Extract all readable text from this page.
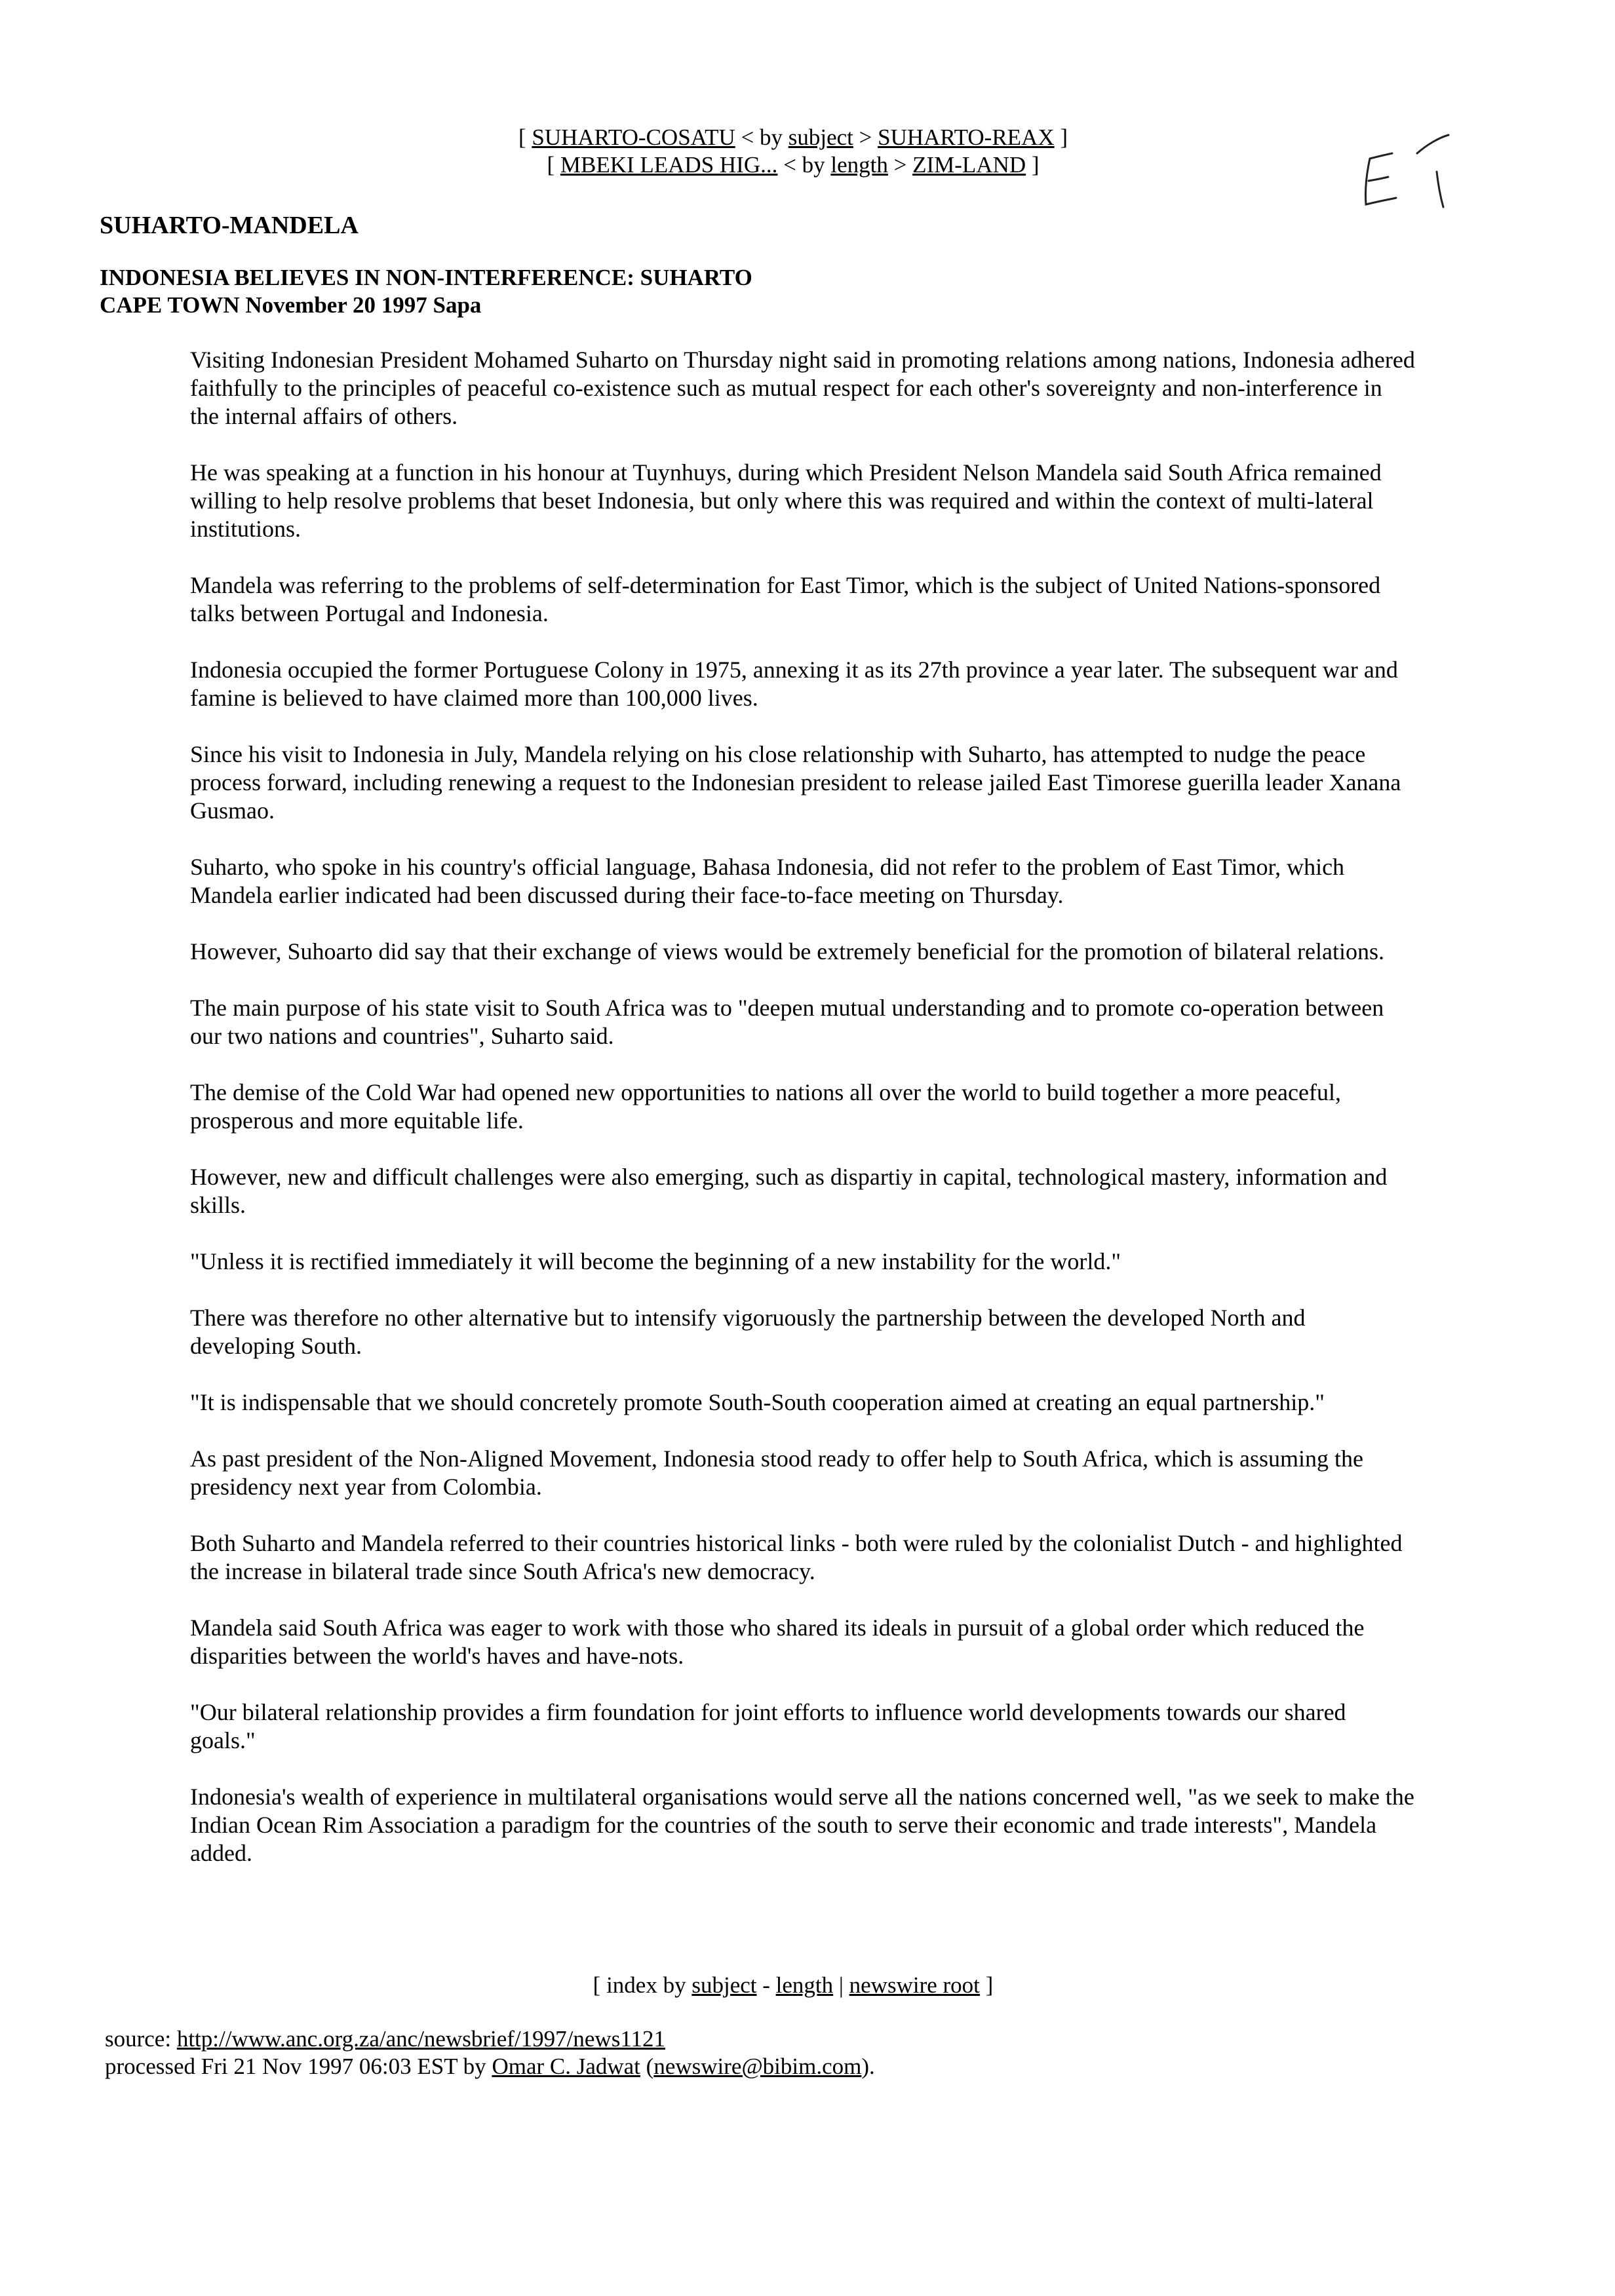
[ SUHARTO-COSATU < by subject > SUHARTO-REAX ]
[ MBEKI LEADS HIG... < by length > ZIM-LAND ]
SUHARTO-MANDELA
INDONESIA BELIEVES IN NON-INTERFERENCE: SUHARTO
CAPE TOWN November 20 1997 Sapa

Visiting Indonesian President Mohamed Suharto on Thursday night said in promoting relations among nations, Indonesia adhered faithfully to the principles of peaceful co-existence such as mutual respect for each other's sovereignty and non-interference in the internal affairs of others.

He was speaking at a function in his honour at Tuynhuys, during which President Nelson Mandela said South Africa remained willing to help resolve problems that beset Indonesia, but only where this was required and within the context of multi-lateral institutions.

Mandela was referring to the problems of self-determination for East Timor, which is the subject of United Nations-sponsored talks between Portugal and Indonesia.

Indonesia occupied the former Portuguese Colony in 1975, annexing it as its 27th province a year later. The subsequent war and famine is believed to have claimed more than 100,000 lives.

Since his visit to Indonesia in July, Mandela relying on his close relationship with Suharto, has attempted to nudge the peace process forward, including renewing a request to the Indonesian president to release jailed East Timorese guerilla leader Xanana Gusmao.

Suharto, who spoke in his country's official language, Bahasa Indonesia, did not refer to the problem of East Timor, which Mandela earlier indicated had been discussed during their face-to-face meeting on Thursday.

However, Suhoarto did say that their exchange of views would be extremely beneficial for the promotion of bilateral relations.

The main purpose of his state visit to South Africa was to "deepen mutual understanding and to promote co-operation between our two nations and countries", Suharto said.

The demise of the Cold War had opened new opportunities to nations all over the world to build together a more peaceful, prosperous and more equitable life.

However, new and difficult challenges were also emerging, such as dispartiy in capital, technological mastery, information and skills.

"Unless it is rectified immediately it will become the beginning of a new instability for the world."

There was therefore no other alternative but to intensify vigoruously the partnership between the developed North and developing South.

"It is indispensable that we should concretely promote South-South cooperation aimed at creating an equal partnership."

As past president of the Non-Aligned Movement, Indonesia stood ready to offer help to South Africa, which is assuming the presidency next year from Colombia.

Both Suharto and Mandela referred to their countries historical links - both were ruled by the colonialist Dutch - and highlighted the increase in bilateral trade since South Africa's new democracy.

Mandela said South Africa was eager to work with those who shared its ideals in pursuit of a global order which reduced the disparities between the world's haves and have-nots.

"Our bilateral relationship provides a firm foundation for joint efforts to influence world developments towards our shared goals."

Indonesia's wealth of experience in multilateral organisations would serve all the nations concerned well, "as we seek to make the Indian Ocean Rim Association a paradigm for the countries of the south to serve their economic and trade interests", Mandela added.

[ index by subject - length | newswire root ]
source: http://www.anc.org.za/anc/newsbrief/1997/news1121
processed Fri 21 Nov 1997 06:03 EST by Omar C. Jadwat (newswire@bibim.com).
